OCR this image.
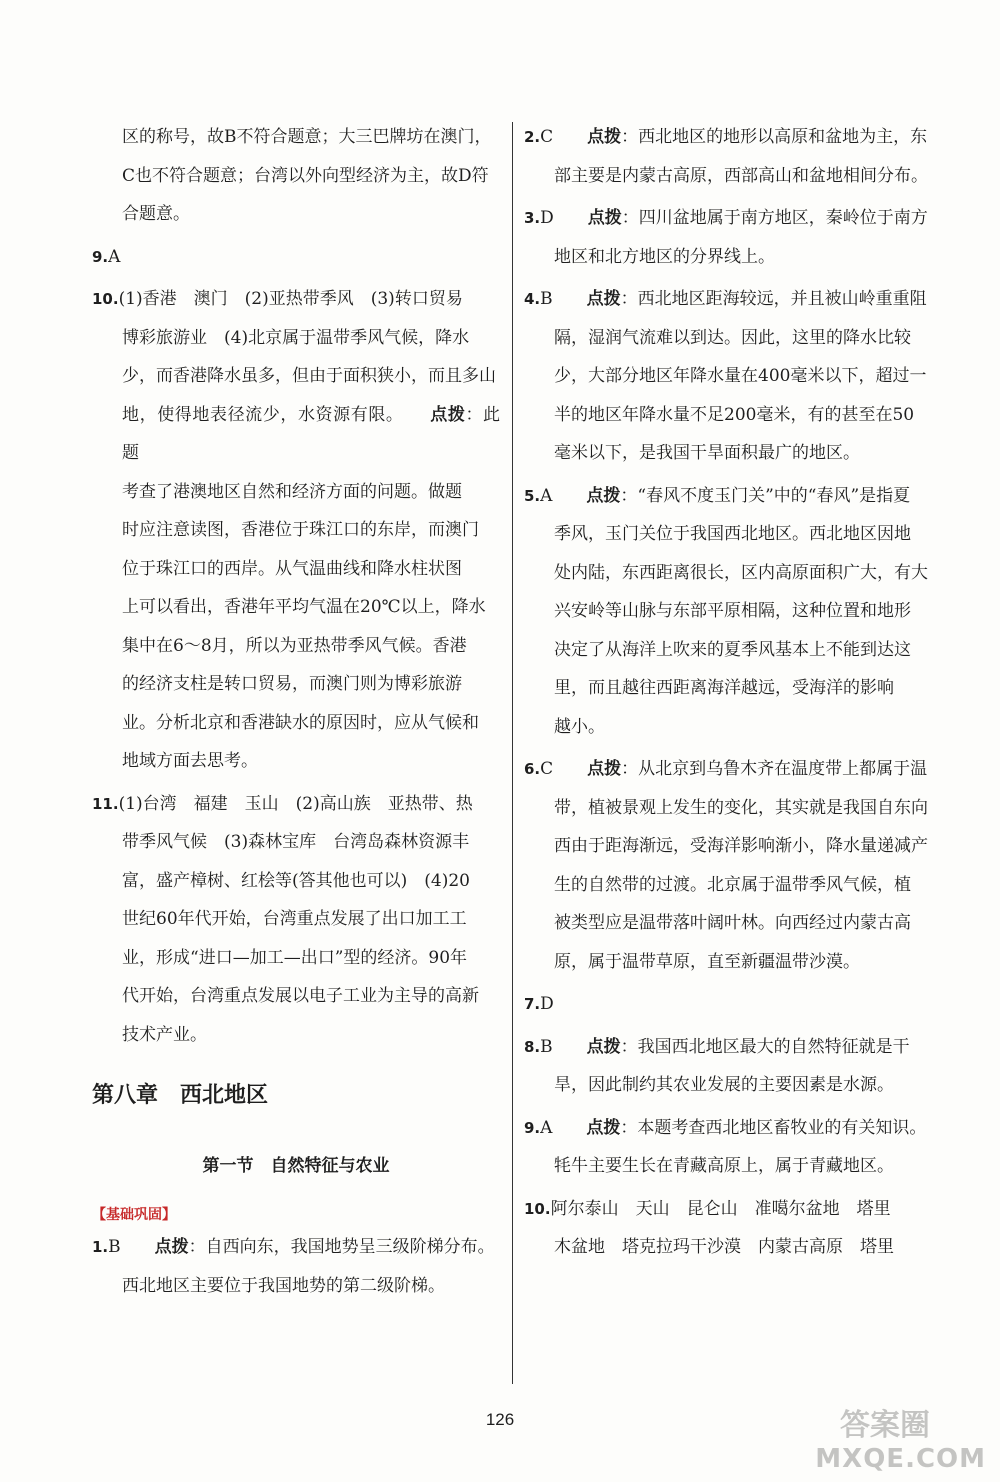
区的称号，故B不符合题意；大三巴牌坊在澳门，

C也不符合题意；台湾以外向型经济为主，故D符

合题意。

9.A

10.(1)香港　澳门　(2)亚热带季风　(3)转口贸易

博彩旅游业　(4)北京属于温带季风气候，降水

少，而香港降水虽多，但由于面积狭小，而且多山

地，使得地表径流少，水资源有限。　　 点拨：此题

考查了港澳地区自然和经济方面的问题。做题

时应注意读图，香港位于珠江口的东岸，而澳门

位于珠江口的西岸。从气温曲线和降水柱状图

上可以看出，香港年平均气温在20℃以上，降水

集中在6～8月，所以为亚热带季风气候。香港

的经济支柱是转口贸易，而澳门则为博彩旅游

业。分析北京和香港缺水的原因时，应从气候和

地域方面去思考。

11.(1)台湾　福建　玉山　(2)高山族　亚热带、热

带季风气候　(3)森林宝库　台湾岛森林资源丰

富，盛产樟树、红桧等(答其他也可以)　(4)20

世纪60年代开始，台湾重点发展了出口加工工

业，形成“进口—加工—出口”型的经济。90年

代开始，台湾重点发展以电子工业为主导的高新

技术产业。

第八章　西北地区
第一节　自然特征与农业
【基础巩固】

1.B　　 点拨：自西向东，我国地势呈三级阶梯分布。

西北地区主要位于我国地势的第二级阶梯。

2.C　　 点拨：西北地区的地形以高原和盆地为主，东

部主要是内蒙古高原，西部高山和盆地相间分布。

3.D　　 点拨：四川盆地属于南方地区，秦岭位于南方

地区和北方地区的分界线上。

4.B　　 点拨：西北地区距海较远，并且被山岭重重阻

隔，湿润气流难以到达。因此，这里的降水比较

少，大部分地区年降水量在400毫米以下，超过一

半的地区年降水量不足200毫米，有的甚至在50

毫米以下，是我国干旱面积最广的地区。

5.A　　 点拨：“春风不度玉门关”中的“春风”是指夏

季风，玉门关位于我国西北地区。西北地区因地

处内陆，东西距离很长，区内高原面积广大，有大

兴安岭等山脉与东部平原相隔，这种位置和地形

决定了从海洋上吹来的夏季风基本上不能到达这

里，而且越往西距离海洋越远，受海洋的影响

越小。

6.C　　 点拨：从北京到乌鲁木齐在温度带上都属于温

带，植被景观上发生的变化，其实就是我国自东向

西由于距海渐远，受海洋影响渐小，降水量递减产

生的自然带的过渡。北京属于温带季风气候，植

被类型应是温带落叶阔叶林。向西经过内蒙古高

原，属于温带草原，直至新疆温带沙漠。

7.D

8.B　　 点拨：我国西北地区最大的自然特征就是干

旱，因此制约其农业发展的主要因素是水源。

9.A　　 点拨：本题考查西北地区畜牧业的有关知识。

牦牛主要生长在青藏高原上，属于青藏地区。

10.阿尔泰山　天山　昆仑山　准噶尔盆地　塔里

木盆地　塔克拉玛干沙漠　内蒙古高原　塔里

126	答案圈
MXQE.COM
